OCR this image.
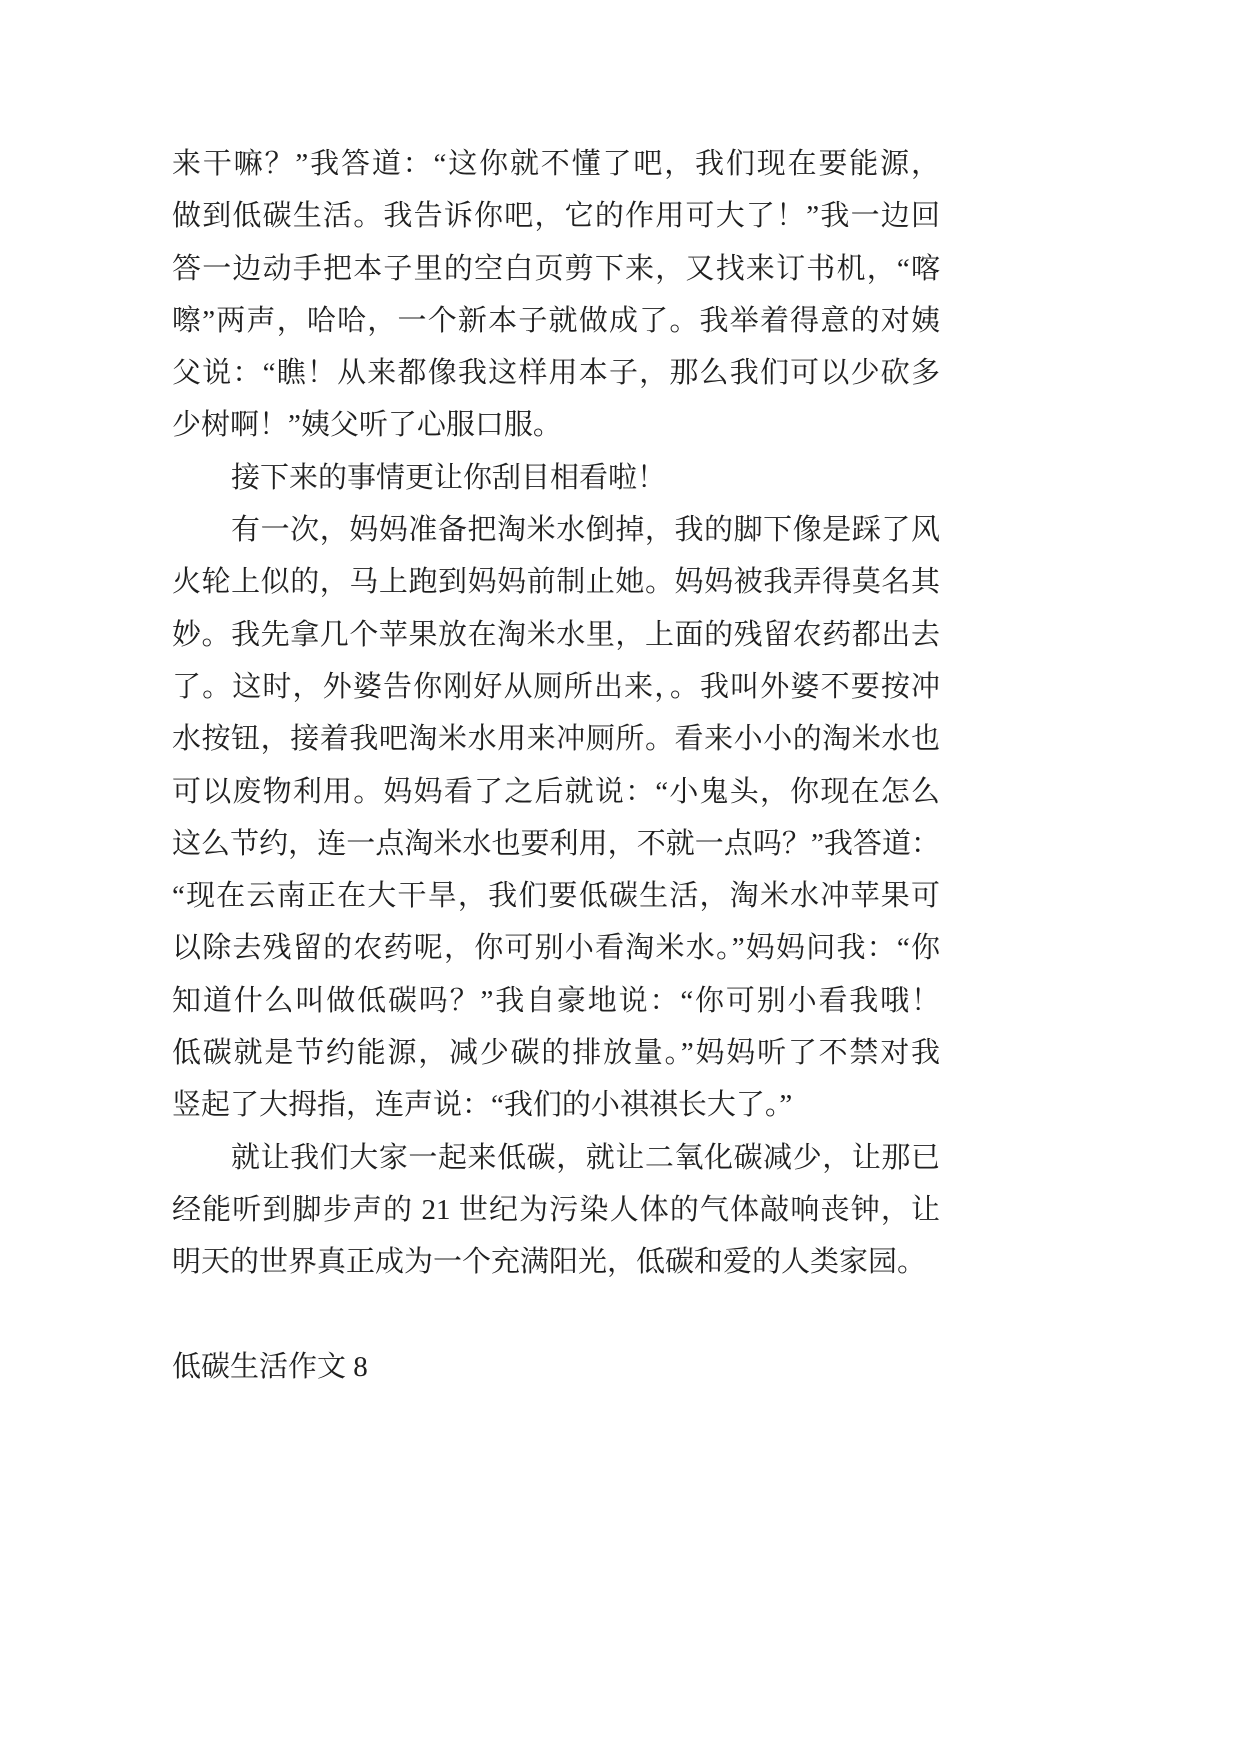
来干嘛？”我答道：“这你就不懂了吧，我们现在要能源，
做到低碳生活。我告诉你吧，它的作用可大了！”我一边回
答一边动手把本子里的空白页剪下来，又找来订书机，“喀
嚓”两声，哈哈，一个新本子就做成了。我举着得意的对姨
父说：“瞧！从来都像我这样用本子，那么我们可以少砍多
少树啊！”姨父听了心服口服。
接下来的事情更让你刮目相看啦！
有一次，妈妈准备把淘米水倒掉，我的脚下像是踩了风
火轮上似的，马上跑到妈妈前制止她。妈妈被我弄得莫名其
妙。我先拿几个苹果放在淘米水里，上面的残留农药都出去
了。这时，外婆告你刚好从厕所出来，。我叫外婆不要按冲
水按钮，接着我吧淘米水用来冲厕所。看来小小的淘米水也
可以废物利用。妈妈看了之后就说：“小鬼头，你现在怎么
这么节约，连一点淘米水也要利用，不就一点吗？”我答道：
“现在云南正在大干旱，我们要低碳生活，淘米水冲苹果可
以除去残留的农药呢，你可别小看淘米水。”妈妈问我：“你
知道什么叫做低碳吗？”我自豪地说：“你可别小看我哦！
低碳就是节约能源，减少碳的排放量。”妈妈听了不禁对我
竖起了大拇指，连声说：“我们的小祺祺长大了。”
就让我们大家一起来低碳，就让二氧化碳减少，让那已
经能听到脚步声的 21 世纪为污染人体的气体敲响丧钟，让
明天的世界真正成为一个充满阳光，低碳和爱的人类家园。
低碳生活作文 8
